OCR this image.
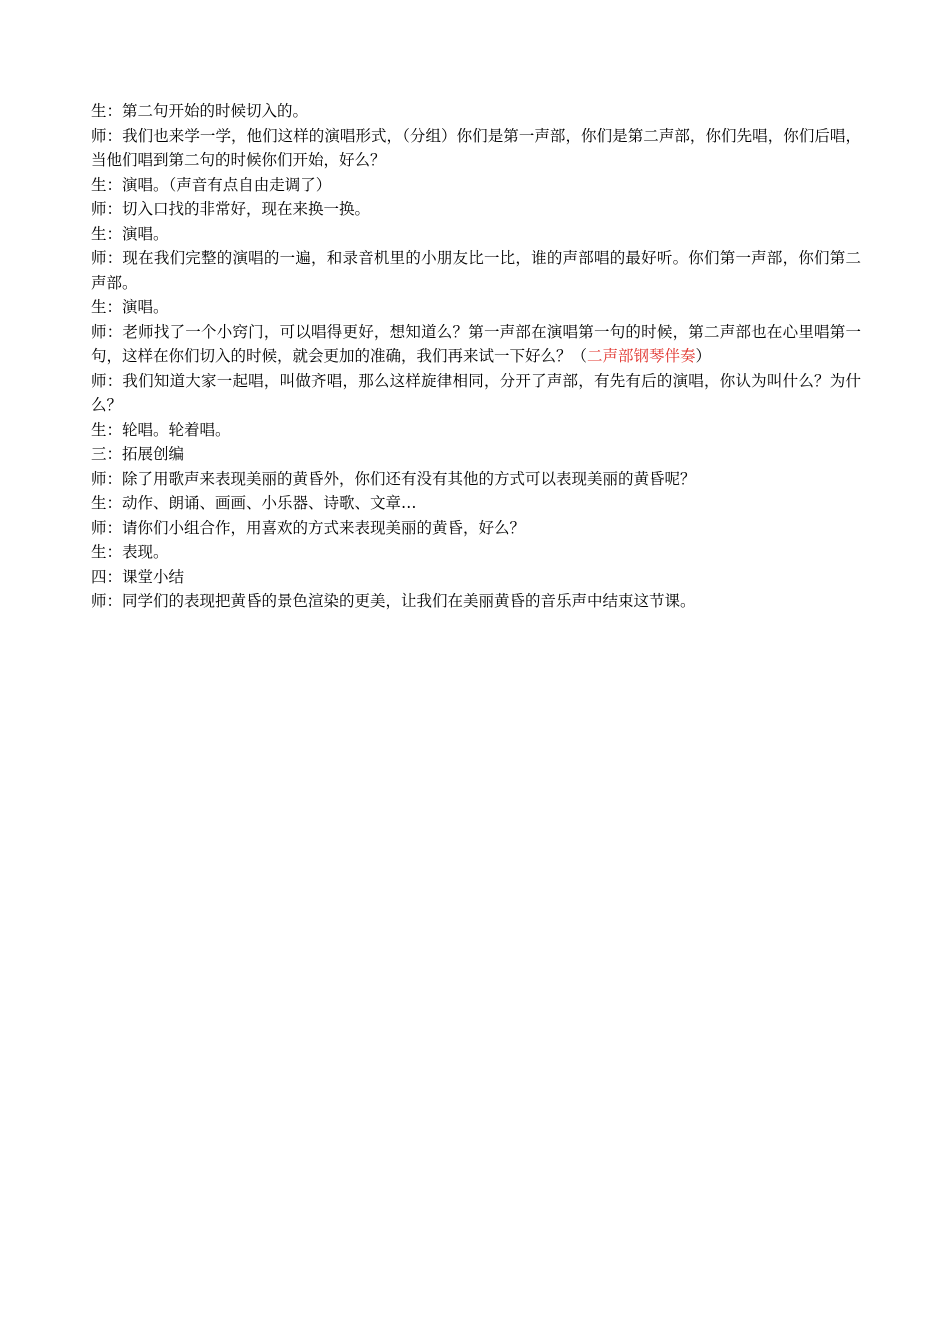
生：第二句开始的时候切入的。

师：我们也来学一学，他们这样的演唱形式，（分组）你们是第一声部，你们是第二声部，你们先唱，你们后唱，当他们唱到第二句的时候你们开始，好么？

生：演唱。（声音有点自由走调了）

师：切入口找的非常好，现在来换一换。

生：演唱。

师：现在我们完整的演唱的一遍，和录音机里的小朋友比一比，谁的声部唱的最好听。你们第一声部，你们第二声部。

生：演唱。

师：老师找了一个小窍门，可以唱得更好，想知道么？第一声部在演唱第一句的时候，第二声部也在心里唱第一句，这样在你们切入的时候，就会更加的准确，我们再来试一下好么？（二声部钢琴伴奏）

师：我们知道大家一起唱，叫做齐唱，那么这样旋律相同，分开了声部，有先有后的演唱，你认为叫什么？为什么？

生：轮唱。轮着唱。

三：拓展创编

师：除了用歌声来表现美丽的黄昏外，你们还有没有其他的方式可以表现美丽的黄昏呢？

生：动作、朗诵、画画、小乐器、诗歌、文章…

师：请你们小组合作，用喜欢的方式来表现美丽的黄昏，好么？

生：表现。

四：课堂小结

师：同学们的表现把黄昏的景色渲染的更美，让我们在美丽黄昏的音乐声中结束这节课。
